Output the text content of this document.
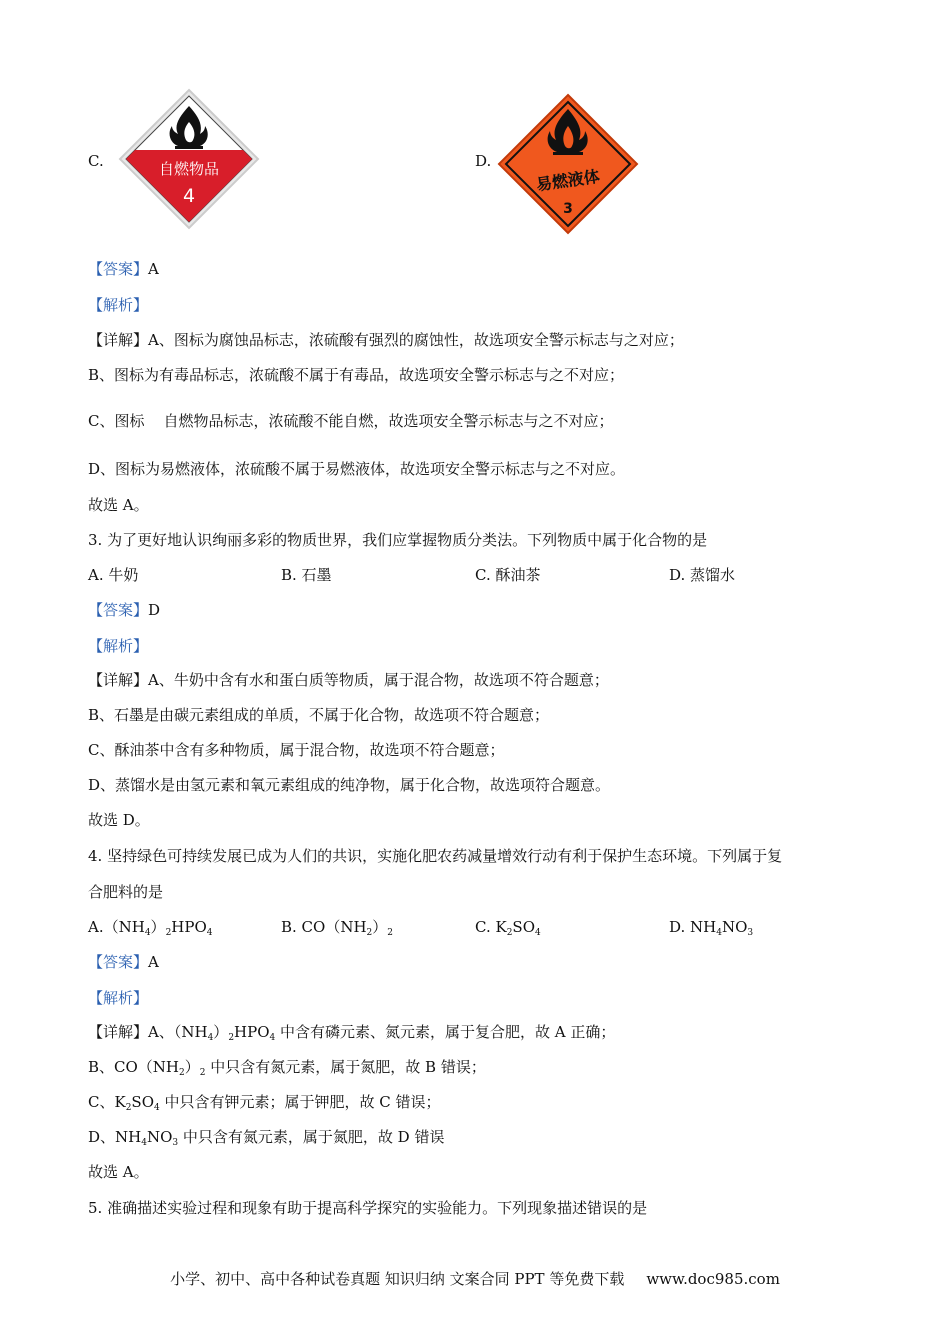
C.	自燃物品
4
D.
易燃液体
3
【答案】A
【解析】
【详解】A、图标为腐蚀品标志，浓硫酸有强烈的腐蚀性，故选项安全警示标志与之对应；
B、图标为有毒品标志，浓硫酸不属于有毒品，故选项安全警示标志与之不对应；
C、图标    自燃物品标志，浓硫酸不能自燃，故选项安全警示标志与之不对应；
D、图标为易燃液体，浓硫酸不属于易燃液体，故选项安全警示标志与之不对应。
故选 A。
3. 为了更好地认识绚丽多彩的物质世界，我们应掌握物质分类法。下列物质中属于化合物的是
A. 牛奶	B. 石墨	C. 酥油茶	D. 蒸馏水
【答案】D
【解析】
【详解】A、牛奶中含有水和蛋白质等物质，属于混合物，故选项不符合题意；
B、石墨是由碳元素组成的单质，不属于化合物，故选项不符合题意；
C、酥油茶中含有多种物质，属于混合物，故选项不符合题意；
D、蒸馏水是由氢元素和氧元素组成的纯净物，属于化合物，故选项符合题意。
故选 D。
4. 坚持绿色可持续发展已成为人们的共识，实施化肥农药减量增效行动有利于保护生态环境。下列属于复
合肥料的是
$A.(NH_4)_2HPO_4$	B. $CO(NH_2)_2$	C. $K_2SO_4$	D. $NH_4NO_3$
【答案】A
【解析】
【详解】A、$(NH_4)_2HPO_4$ 中含有磷元素、氮元素，属于复合肥，故 A 正确；
B、$CO(NH_2)_2$ 中只含有氮元素，属于氮肥，故 B 错误；
C、$K_2SO_4$ 中只含有钾元素；属于钾肥，故 C 错误；
D、$NH_4NO_3$ 中只含有氮元素，属于氮肥，故 D 错误
故选 A。
5. 准确描述实验过程和现象有助于提高科学探究的实验能力。下列现象描述错误的是
小学、初中、高中各种试卷真题 知识归纳 文案合同 PPT 等免费下载 www.doc985.com
